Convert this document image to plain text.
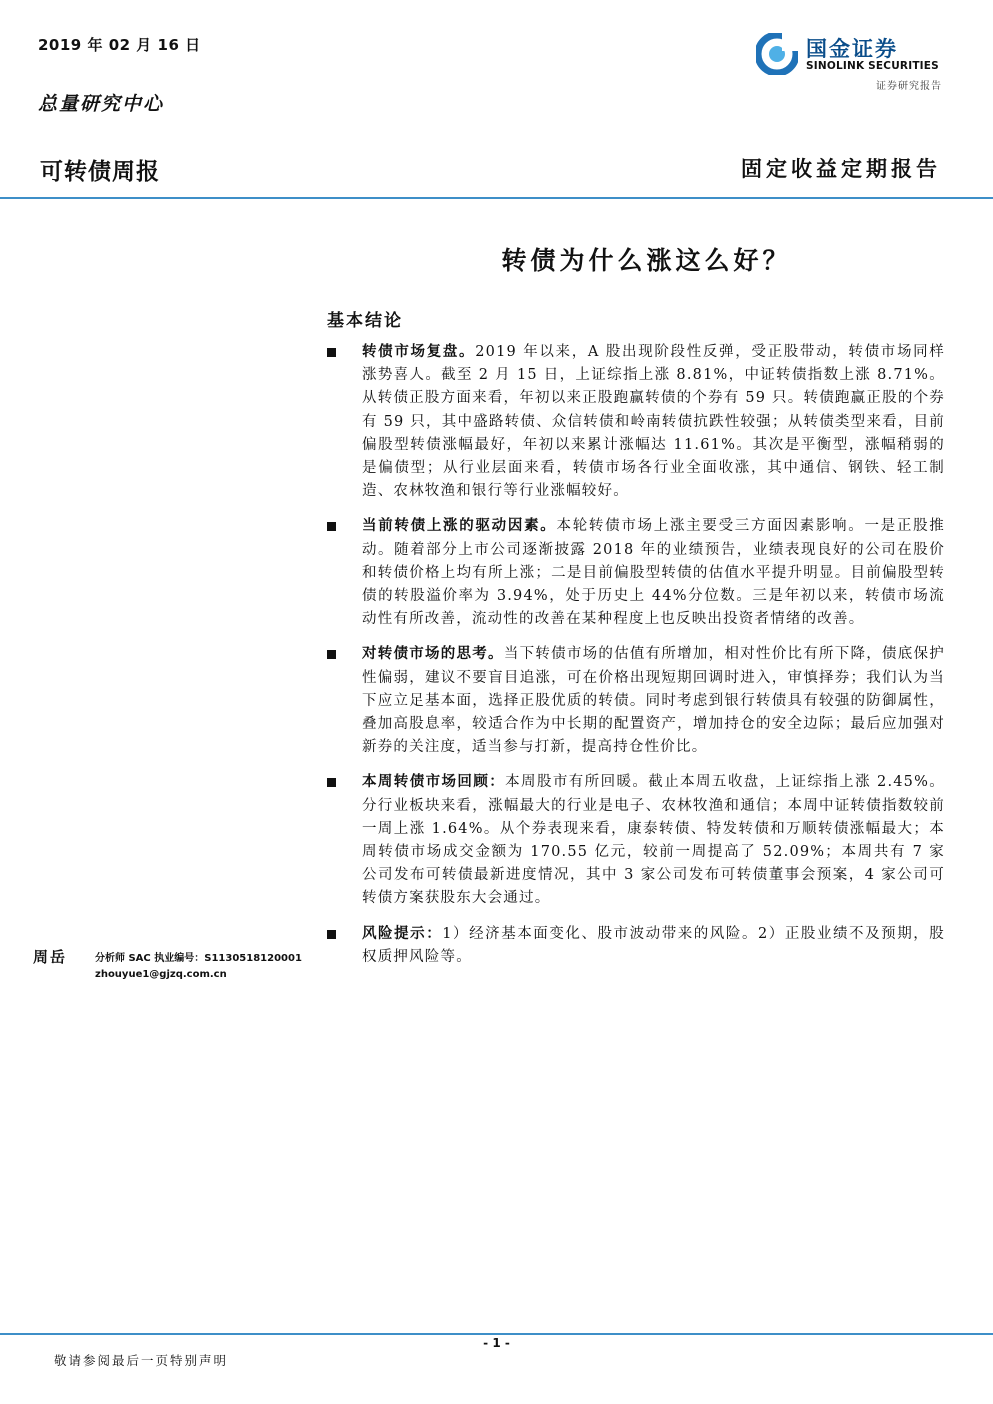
2019 年 02 月 16 日
总量研究中心
国金证券
SINOLINK SECURITIES
证券研究报告
可转债周报	固定收益定期报告
转债为什么涨这么好？
基本结论
转债市场复盘。2019 年以来，A 股出现阶段性反弹，受正股带动，转债市场同样涨势喜人。截至 2 月 15 日，上证综指上涨 8.81%，中证转债指数上涨 8.71%。从转债正股方面来看，年初以来正股跑赢转债的个券有 59 只。转债跑赢正股的个券有 59 只，其中盛路转债、众信转债和岭南转债抗跌性较强；从转债类型来看，目前偏股型转债涨幅最好，年初以来累计涨幅达 11.61%。其次是平衡型，涨幅稍弱的是偏债型；从行业层面来看，转债市场各行业全面收涨，其中通信、钢铁、轻工制造、农林牧渔和银行等行业涨幅较好。
当前转债上涨的驱动因素。本轮转债市场上涨主要受三方面因素影响。一是正股推动。随着部分上市公司逐渐披露 2018 年的业绩预告，业绩表现良好的公司在股价和转债价格上均有所上涨；二是目前偏股型转债的估值水平提升明显。目前偏股型转债的转股溢价率为 3.94%，处于历史上 44%分位数。三是年初以来，转债市场流动性有所改善，流动性的改善在某种程度上也反映出投资者情绪的改善。
对转债市场的思考。当下转债市场的估值有所增加，相对性价比有所下降，债底保护性偏弱，建议不要盲目追涨，可在价格出现短期回调时进入，审慎择券；我们认为当下应立足基本面，选择正股优质的转债。同时考虑到银行转债具有较强的防御属性，叠加高股息率，较适合作为中长期的配置资产，增加持仓的安全边际；最后应加强对新券的关注度，适当参与打新，提高持仓性价比。
本周转债市场回顾：本周股市有所回暖。截止本周五收盘，上证综指上涨 2.45%。分行业板块来看，涨幅最大的行业是电子、农林牧渔和通信；本周中证转债指数较前一周上涨 1.64%。从个券表现来看，康泰转债、特发转债和万顺转债涨幅最大；本周转债市场成交金额为 170.55 亿元，较前一周提高了 52.09%；本周共有 7 家公司发布可转债最新进度情况，其中 3 家公司发布可转债董事会预案，4 家公司可转债方案获股东大会通过。
风险提示：1）经济基本面变化、股市波动带来的风险。2）正股业绩不及预期，股权质押风险等。
周岳	分析师 SAC 执业编号：S1130518120001
zhouyue1@gjzq.com.cn
- 1 -
敬请参阅最后一页特别声明
